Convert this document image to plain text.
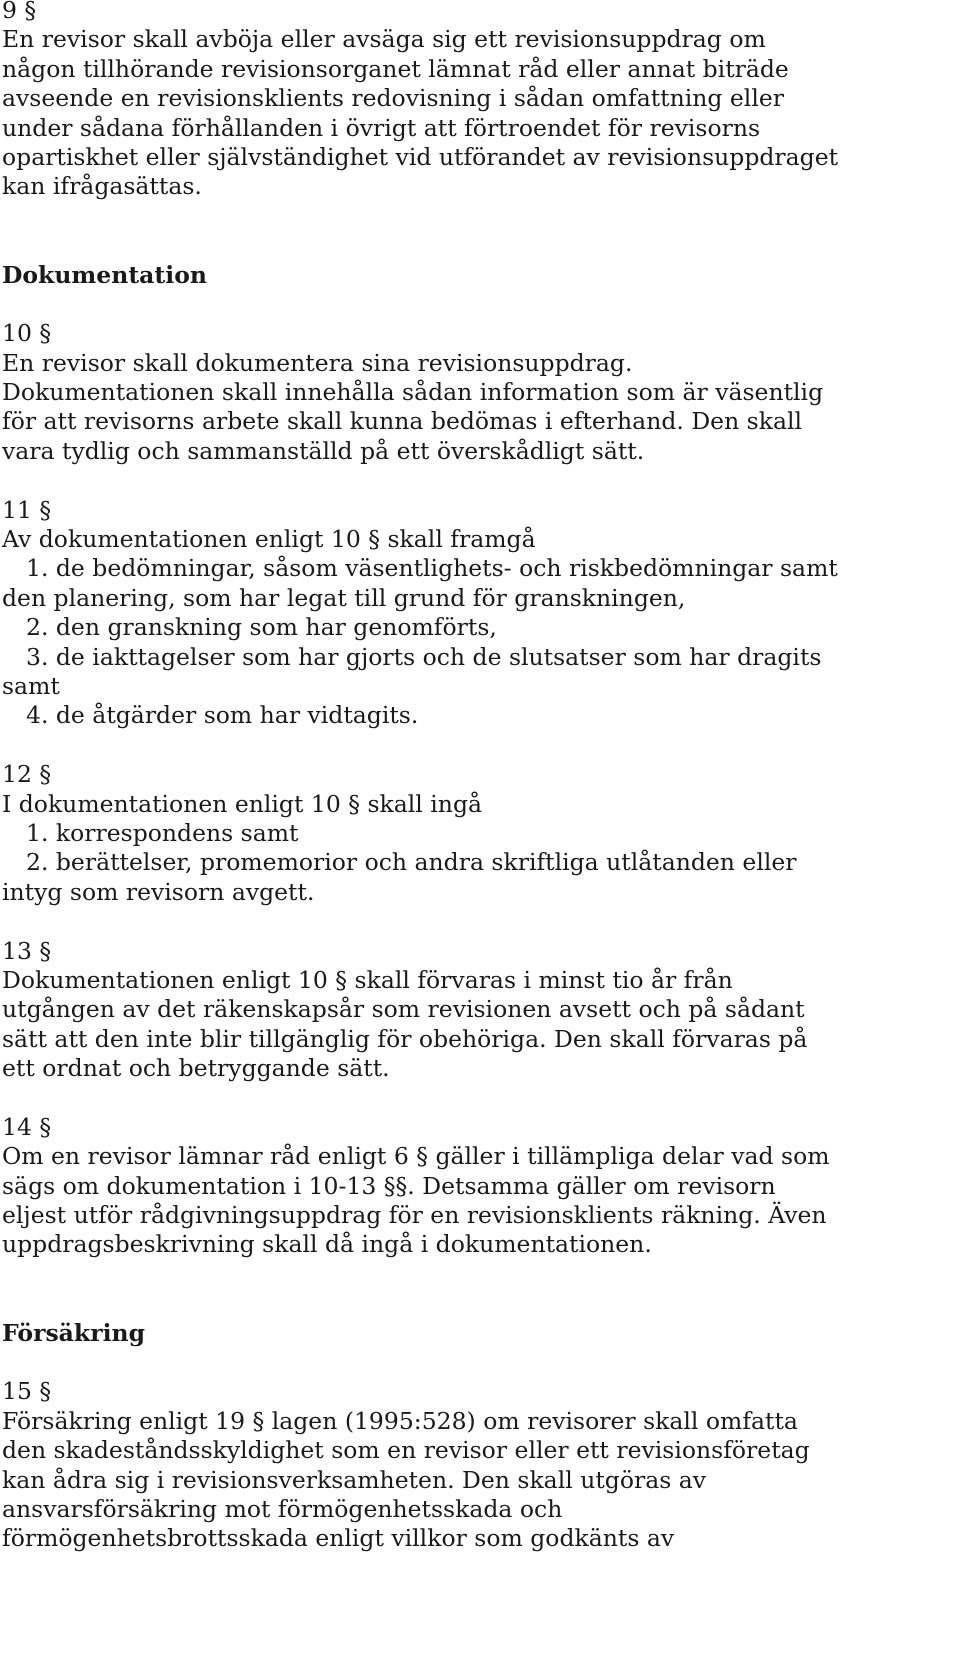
9 §
En revisor skall avböja eller avsäga sig ett revisionsuppdrag om
någon tillhörande revisionsorganet lämnat råd eller annat biträde
avseende en revisionsklients redovisning i sådan omfattning eller
under sådana förhållanden i övrigt att förtroendet för revisorns
opartiskhet eller självständighet vid utförandet av revisionsuppdraget
kan ifrågasättas.
Dokumentation
10 §
En revisor skall dokumentera sina revisionsuppdrag.
Dokumentationen skall innehålla sådan information som är väsentlig
för att revisorns arbete skall kunna bedömas i efterhand. Den skall
vara tydlig och sammanställd på ett överskådligt sätt.
11 §
Av dokumentationen enligt 10 § skall framgå
1. de bedömningar, såsom väsentlighets- och riskbedömningar samt
den planering, som har legat till grund för granskningen,
2. den granskning som har genomförts,
3. de iakttagelser som har gjorts och de slutsatser som har dragits
samt
4. de åtgärder som har vidtagits.
12 §
I dokumentationen enligt 10 § skall ingå
1. korrespondens samt
2. berättelser, promemorior och andra skriftliga utlåtanden eller
intyg som revisorn avgett.
13 §
Dokumentationen enligt 10 § skall förvaras i minst tio år från
utgången av det räkenskapsår som revisionen avsett och på sådant
sätt att den inte blir tillgänglig för obehöriga. Den skall förvaras på
ett ordnat och betryggande sätt.
14 §
Om en revisor lämnar råd enligt 6 § gäller i tillämpliga delar vad som
sägs om dokumentation i 10-13 §§. Detsamma gäller om revisorn
eljest utför rådgivningsuppdrag för en revisionsklients räkning. Även
uppdragsbeskrivning skall då ingå i dokumentationen.
Försäkring
15 §
Försäkring enligt 19 § lagen (1995:528) om revisorer skall omfatta
den skadeståndsskyldighet som en revisor eller ett revisionsföretag
kan ådra sig i revisionsverksamheten. Den skall utgöras av
ansvarsförsäkring mot förmögenhetsskada och
förmögenhetsbrottsskada enligt villkor som godkänts av
